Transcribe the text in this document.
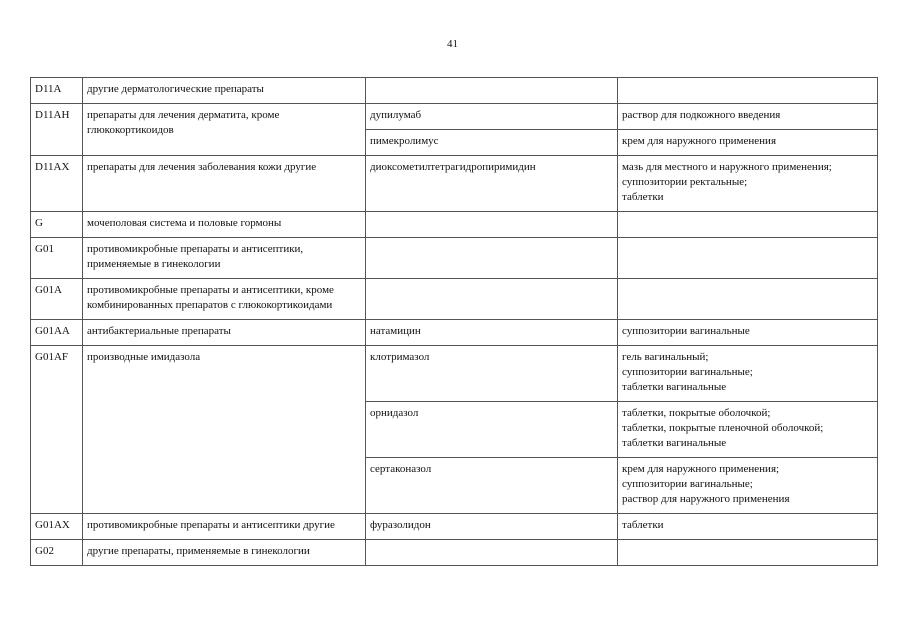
41
D11A	другие дерматологические препараты		
D11AH	препараты для лечения дерматита, кроме глюкокортикоидов	дупилумаб	раствор для подкожного введения

		пимекролимус	крем для наружного применения

D11AX	препараты для лечения заболевания кожи другие	диоксометилтетрагидропиримидин	мазь для местного и наружного применения;
суппозитории ректальные;
таблетки

G	мочеполовая система и половые гормоны		
G01	противомикробные препараты и антисептики, применяемые в гинекологии		
G01A	противомикробные препараты и антисептики, кроме комбинированных препаратов с глюкокортикоидами		
G01AA	антибактериальные препараты	натамицин	суппозитории вагинальные

G01AF	производные имидазола	клотримазол	гель вагинальный;
суппозитории вагинальные;
таблетки вагинальные

		орнидазол	таблетки, покрытые оболочкой;
таблетки, покрытые пленочной оболочкой;
таблетки вагинальные

		сертаконазол	крем для наружного применения;
суппозитории вагинальные;
раствор для наружного применения

G01AX	противомикробные препараты и антисептики другие	фуразолидон	таблетки

G02	другие препараты, применяемые в гинекологии		
